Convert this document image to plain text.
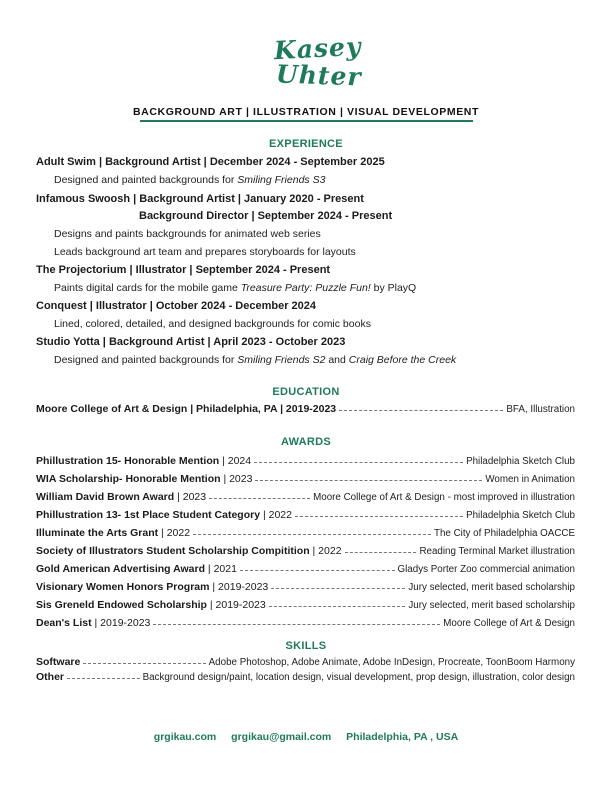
Kasey
Uhter
BACKGROUND ART | ILLUSTRATION | VISUAL DEVELOPMENT
EXPERIENCE
Adult Swim | Background Artist | December 2024 - September 2025
Designed and painted backgrounds for Smiling Friends S3
Infamous Swoosh | Background Artist | January 2020 - Present
Background Director | September 2024 - Present
Designs and paints backgrounds for animated web series
Leads background art team and prepares storyboards for layouts
The Projectorium | Illustrator | September 2024 - Present
Paints digital cards for the mobile game Treasure Party: Puzzle Fun! by PlayQ
Conquest | Illustrator | October 2024 - December 2024
Lined, colored, detailed, and designed backgrounds for comic books
Studio Yotta | Background Artist | April 2023 - October 2023
Designed and painted backgrounds for Smiling Friends S2 and Craig Before the Creek
EDUCATION
Moore College of Art & Design | Philadelphia, PA | 2019-2023	BFA, Illustration
AWARDS
Phillustration 15- Honorable Mention | 2024	Philadelphia Sketch Club
WIA Scholarship- Honorable Mention | 2023	Women in Animation
William David Brown Award | 2023	Moore College of Art & Design - most improved in illustration
Phillustration 13- 1st Place Student Category | 2022	Philadelphia Sketch Club
Illuminate the Arts Grant | 2022	The City of Philadelphia OACCE
Society of Illustrators Student Scholarship Compitition | 2022	Reading Terminal Market illustration
Gold American Advertising Award | 2021	Gladys Porter Zoo commercial animation
Visionary Women Honors Program | 2019-2023	Jury selected, merit based scholarship
Sis Greneld Endowed Scholarship | 2019-2023	Jury selected, merit based scholarship
Dean's List | 2019-2023	Moore College of Art & Design
SKILLS
Software	Adobe Photoshop, Adobe Animate, Adobe InDesign, Procreate, ToonBoom Harmony
Other	Background design/paint, location design, visual development, prop design, illustration, color design
grgikau.com grgikau@gmail.com Philadelphia, PA , USA
